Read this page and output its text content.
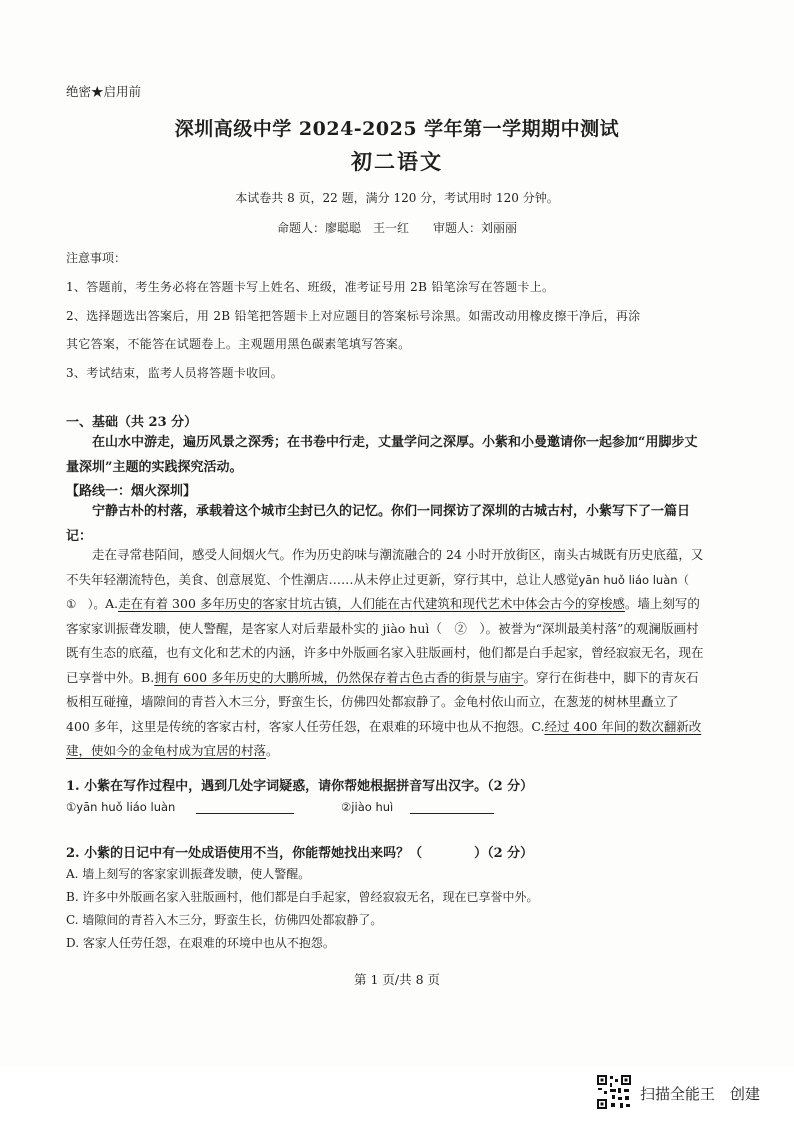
绝密★启用前
深圳高级中学 2024-2025 学年第一学期期中测试
初二语文
本试卷共 8 页，22 题，满分 120 分，考试用时 120 分钟。
命题人：廖聪聪　王一红　　审题人：刘丽丽
注意事项：
1、答题前，考生务必将在答题卡写上姓名、班级，准考证号用 2B 铅笔涂写在答题卡上。
2、选择题选出答案后，用 2B 铅笔把答题卡上对应题目的答案标号涂黑。如需改动用橡皮擦干净后，再涂
其它答案，不能答在试题卷上。主观题用黑色碳素笔填写答案。
3、考试结束，监考人员将答题卡收回。
一、基础（共 23 分）
在山水中游走，遍历风景之深秀；在书卷中行走，丈量学问之深厚。小紫和小曼邀请你一起参加“用脚步丈量深圳”主题的实践探究活动。
【路线一：烟火深圳】
宁静古朴的村落，承载着这个城市尘封已久的记忆。你们一同探访了深圳的古城古村，小紫写下了一篇日记：
走在寻常巷陌间，感受人间烟火气。作为历史韵味与潮流融合的 24 小时开放街区，南头古城既有历史底蕴，又不失年轻潮流特色，美食、创意展览、个性潮店……从未停止过更新，穿行其中，总让人感觉yān huǒ liáo luàn（　①　）。A.走在有着 300 多年历史的客家甘坑古镇，人们能在古代建筑和现代艺术中体会古今的穿梭感。墙上刻写的客家家训振聋发聩，使人警醒，是客家人对后辈最朴实的 jiào huì（　②　）。被誉为“深圳最美村落”的观澜版画村既有生态的底蕴，也有文化和艺术的内涵，许多中外版画名家入驻版画村，他们都是白手起家，曾经寂寂无名，现在已享誉中外。B.拥有 600 多年历史的大鹏所城，仍然保存着古色古香的街景与庙宇。穿行在街巷中，脚下的青灰石板相互碰撞，墙隙间的青苔入木三分，野蛮生长，仿佛四处都寂静了。金龟村依山而立，在葱茏的树林里矗立了 400 多年，这里是传统的客家古村，客家人任劳任怨，在艰难的环境中也从不抱怨。C.经过 400 年间的数次翻新改建，使如今的金龟村成为宜居的村落。
1. 小紫在写作过程中，遇到几处字词疑惑，请你帮她根据拼音写出汉字。（2 分）
①yān huǒ liáo luàn	②jiào huì
2. 小紫的日记中有一处成语使用不当，你能帮她找出来吗？（　　　　）（2 分）
A. 墙上刻写的客家家训振聋发聩，使人警醒。
B. 许多中外版画名家入驻版画村，他们都是白手起家，曾经寂寂无名，现在已享誉中外。
C. 墙隙间的青苔入木三分，野蛮生长，仿佛四处都寂静了。
D. 客家人任劳任怨，在艰难的环境中也从不抱怨。
第 1 页/共 8 页
扫描全能王　创建
